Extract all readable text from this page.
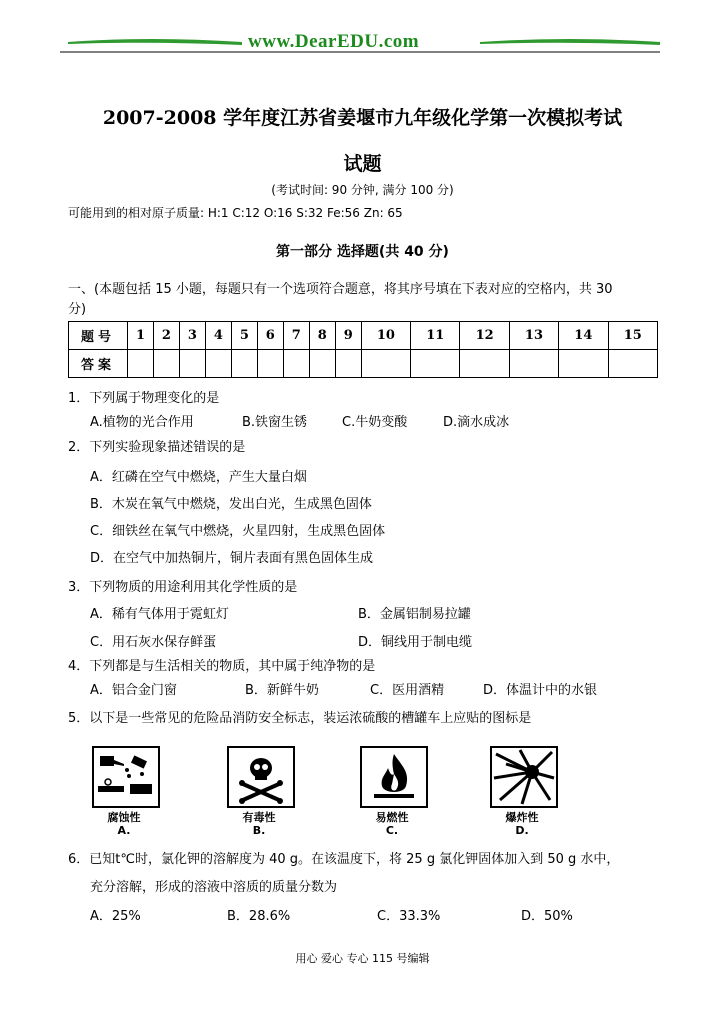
www.DearEDU.com
2007-2008 学年度江苏省姜堰市九年级化学第一次模拟考试
试题
(考试时间: 90 分钟, 满分 100 分)
可能用到的相对原子质量: H:1 C:12 O:16 S:32 Fe:56 Zn: 65
第一部分 选择题(共 40 分)
一、(本题包括 15 小题，每题只有一个选项符合题意，将其序号填在下表对应的空格内，共 30
分)
题号	1	2	3	4	5	6	7	8	9	10	11	12	13	14	15
答案															
1．下列属于物理变化的是
A.植物的光合作用	B.铁窗生锈	C.牛奶变酸	D.滴水成冰
2．下列实验现象描述错误的是
A．红磷在空气中燃烧，产生大量白烟
B．木炭在氧气中燃烧，发出白光，生成黑色固体
C．细铁丝在氧气中燃烧，火星四射，生成黑色固体
D．在空气中加热铜片，铜片表面有黑色固体生成
3．下列物质的用途利用其化学性质的是
A．稀有气体用于霓虹灯	B．金属铝制易拉罐
C．用石灰水保存鲜蛋	D．铜线用于制电缆
4．下列都是与生活相关的物质，其中属于纯净物的是
A．铝合金门窗	B．新鲜牛奶	C．医用酒精	D．体温计中的水银
5．以下是一些常见的危险品消防安全标志，装运浓硫酸的槽罐车上应贴的图标是
腐蚀性
A.
有毒性
B.
易燃性
C.
爆炸性
D.
6．已知t℃时，氯化钾的溶解度为 40 g。在该温度下，将 25 g 氯化钾固体加入到 50 g 水中，
充分溶解，形成的溶液中溶质的质量分数为
A．25%	B．28.6%	C．33.3%	D．50%
用心 爱心 专心 115 号编辑
